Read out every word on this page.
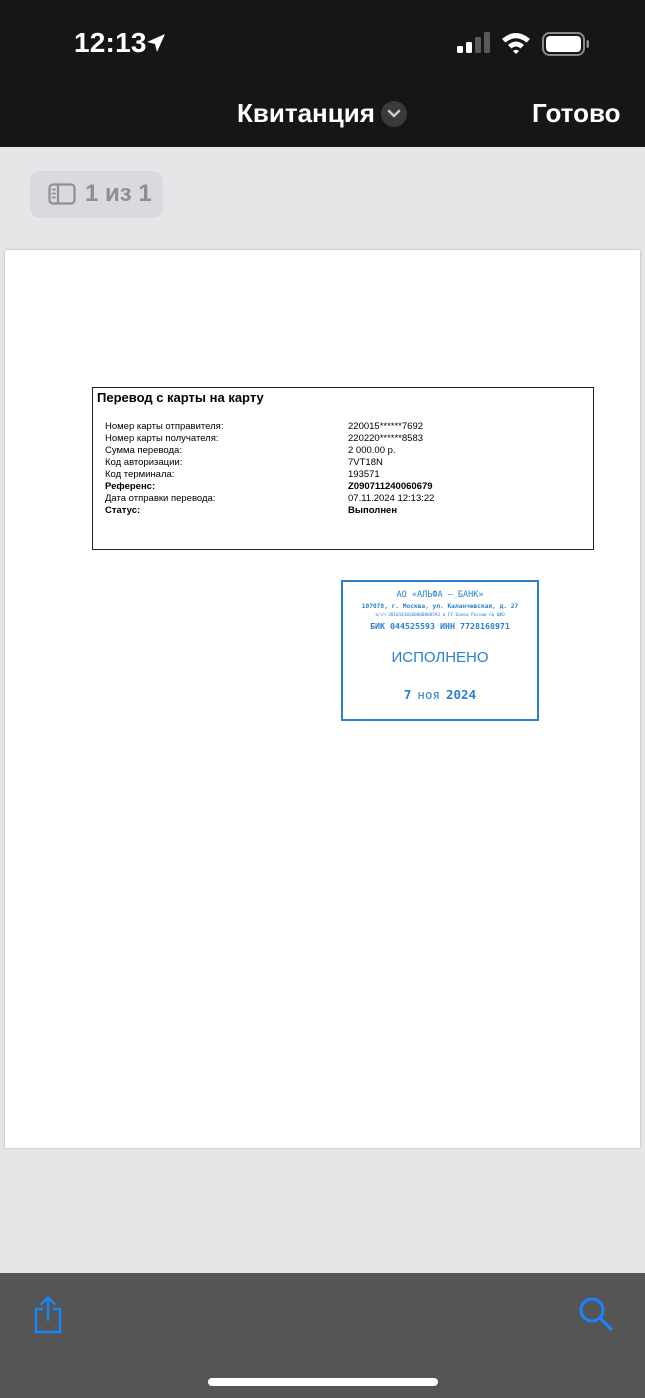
12:13
Квитанция	Готово
1 из 1
Перевод с карты на карту
Номер карты отправителя:	220015******7692
Номер карты получателя:	220220******8583
Сумма перевода:	2 000.00 р.
Код авторизации:	7VT18N
Код терминала:	193571
Референс:	Z090711240060679
Дата отправки перевода:	07.11.2024 12:13:22
Статус:	Выполнен
АО «АЛЬФА – БАНК»
107078, г. Москва, ул. Каланчевская, д. 27
к/сч 30101810200000000593 в ГУ Банка России по ЦФО
БИК 044525593 ИНН 7728168971
ИСПОЛНЕНО
7 ноя 2024
